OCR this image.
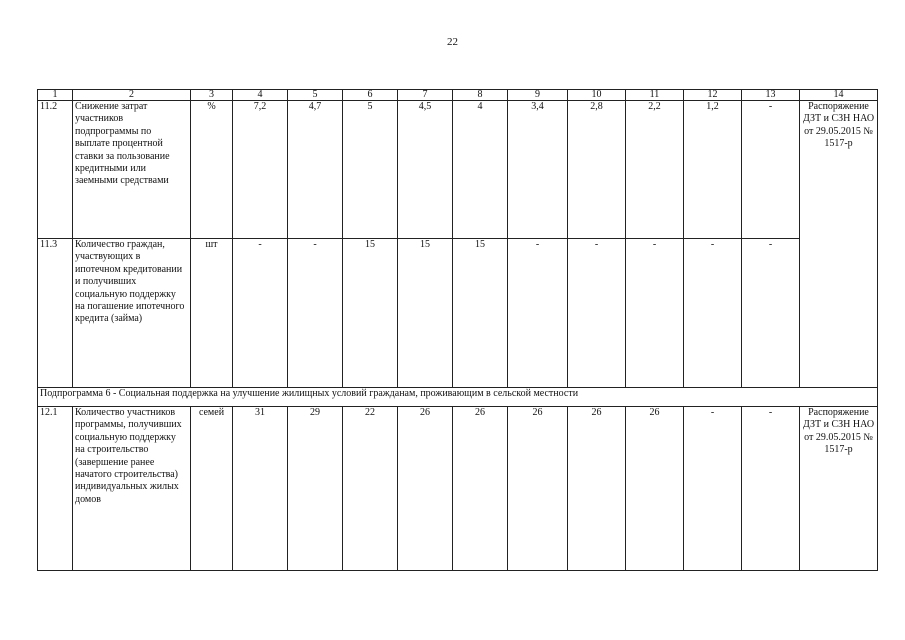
22
1	2	3	4	5	6	7	8	9	10	11	12	13	14
11.2	Снижение затрат участников подпрограммы по выплате процентной ставки за пользование кредитными или заемными средствами	%	7,2	4,7	5	4,5	4	3,4	2,8	2,2	1,2	-	Распоряжение ДЗТ и СЗН НАО от 29.05.2015 № 1517-р
11.3	Количество граждан, участвующих в ипотечном кредитовании и получивших социальную поддержку на погашение ипотечного кредита (займа)	шт	-	-	15	15	15	-	-	-	-	-	
Подпрограмма 6 - Социальная поддержка на улучшение жилищных условий гражданам, проживающим в сельской местности													
12.1	Количество участников программы, получивших социальную поддержку на строительство (завершение ранее начатого строительства) индивидуальных жилых домов	семей	31	29	22	26	26	26	26	26	-	-	Распоряжение ДЗТ и СЗН НАО от 29.05.2015 № 1517-р
